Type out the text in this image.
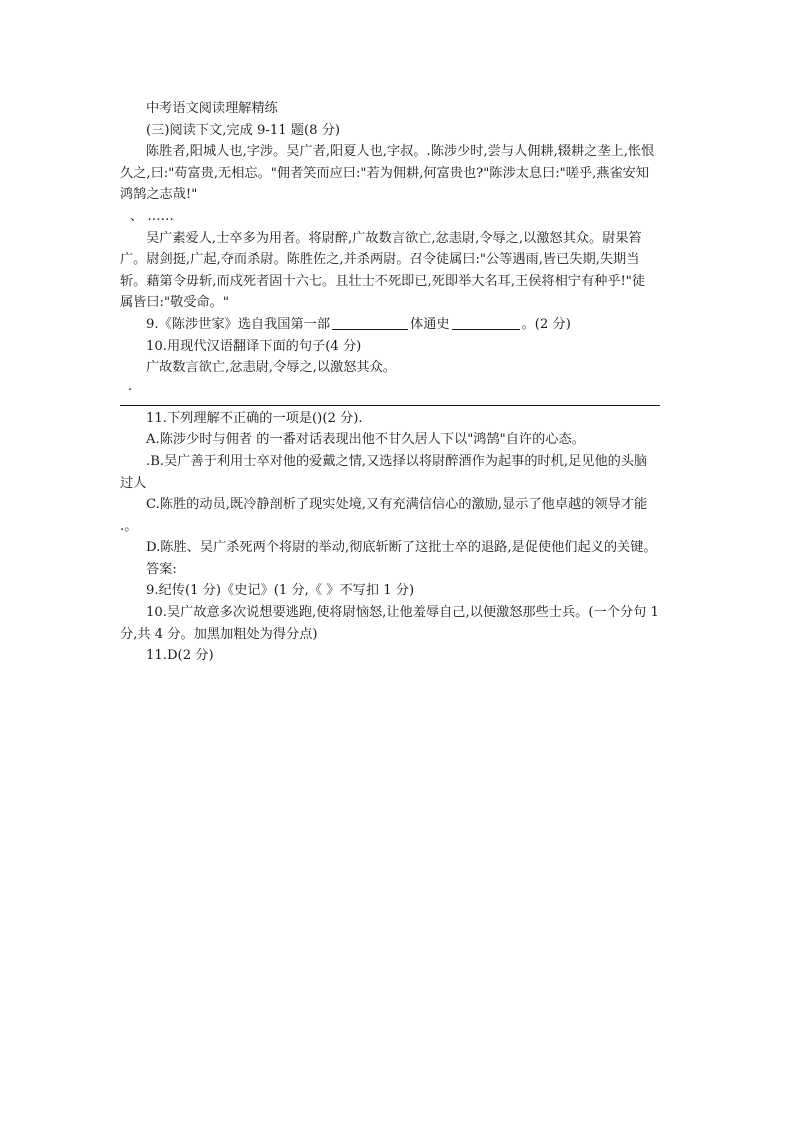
中考语文阅读理解精练
(三)阅读下文,完成 9-11 题(8 分)
陈胜者,阳城人也,字涉。吴广者,阳夏人也,字叔。.陈涉少时,尝与人佣耕,辍耕之垄上,怅恨
久之,曰:"苟富贵,无相忘。"佣者笑而应曰:"若为佣耕,何富贵也?"陈涉太息曰:"嗟乎,燕雀安知
鸿鹄之志哉!"
、 ……
吴广素爱人,士卒多为用者。将尉醉,广故数言欲亡,忿恚尉,令辱之,以激怒其众。尉果笞
广。尉剑挺,广起,夺而杀尉。陈胜佐之,并杀两尉。召令徒属曰:"公等遇雨,皆已失期,失期当
斩。藉第令毋斩,而戍死者固十六七。且壮士不死即已,死即举大名耳,王侯将相宁有种乎!"徒
属皆曰:"敬受命。"
9.《陈涉世家》选自我国第一部	体通史	。(2 分)
10.用现代汉语翻译下面的句子(4 分)
广故数言欲亡,忿恚尉,令辱之,以激怒其众。
.
11.下列理解不正确的一项是()(2 分).
A.陈涉少时与佣者 的一番对话表现出他不甘久居人下以"鸿鹄"自许的心态。
.B.吴广善于利用士卒对他的爱戴之情,又选择以将尉醉酒作为起事的时机,足见他的头脑
过人
C.陈胜的动员,既冷静剖析了现实处境,又有充满信信心的激励,显示了他卓越的领导才能
.。
D.陈胜、吴广杀死两个将尉的举动,彻底斩断了这批士卒的退路,是促使他们起义的关键。
答案:
9.纪传(1 分)《史记》(1 分,《 》不写扣 1 分)
10.吴广故意多次说想要逃跑,使将尉恼怒,让他羞辱自己,以便激怒那些士兵。(一个分句 1
分,共 4 分。加黑加粗处为得分点)
11.D(2 分)
